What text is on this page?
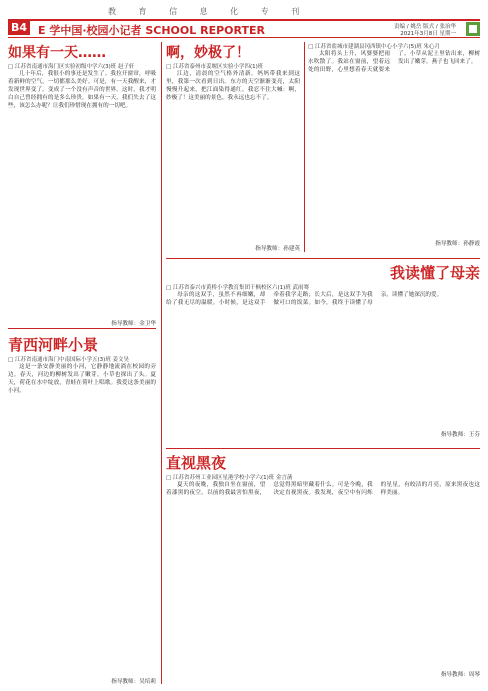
教 育 信 息 化 专 刊
B4 E 学中国·校园小记者 SCHOOL REPORTER	责编 / 姚岳 版式 / 张治华
2021年3月8日 星期一
如果有一天……
□ 江苏省南通市海门区实验初级中学六(3)班 赵子轩

几十年后，我很小的事还是发生了。我拉开窗帘，呼吸着新鲜的空气，一切都那么美好。可是，有一天我醒来，才发现世界变了，变成了一个没有声音的世界。这时，我才明白自己曾经拥有的是多么珍贵。如果有一天，我们失去了这些，该怎么办呢？让我们珍惜现在拥有的一切吧。

指导教师：金卫华
青西河畔小景
□ 江苏省南通市海门中南国际小学五(3)班 姜文昊

这是一条安静美丽的小河，它静静地流淌在校园的旁边。春天，河边的柳树发出了嫩芽，小草也探出了头。夏天，荷花在水中绽放，青蛙在荷叶上唱歌。我爱这条美丽的小河。

指导教师：吴培莉
啊，妙极了！
□ 江苏省泰州市姜堰区实验小学四(1)班

江边，清晨的空气格外清新。妈妈带我来到这里，我第一次看到日出。东方的天空渐渐变亮，太阳慢慢升起来，把江面染得通红。我忍不住大喊：啊，妙极了！这美丽的景色，我永远也忘不了。

指导教师：孙建英
□ 江苏省盐城市建湖县冈西镇中心小学六(5)班 朱心月

太阳将头上升，风婆婆把雨水吹散了。我站在窗前，望着远处的田野，心里想着春天就要来了。小草从泥土里钻出来，柳树发出了嫩芽，燕子也飞回来了。

指导教师：孙静霞
我读懂了母亲
□ 江苏省泰兴市黄桥小学教育集团千枫校区六(1)班 武雨骞

母亲的这双手，虽然不再细嫩，却给了我无尽的温暖。小时候，是这双手牵着我学走路；长大后，是这双手为我做可口的饭菜。如今，我终于读懂了母亲，读懂了她深沉的爱。

指导教师：王芬
直视黑夜
□ 江苏省苏州工业园区星港学校小学六(1)班 金言菡

夏天的夜晚，我独自坐在窗前，望着漆黑的夜空。以前的我最害怕黑夜，总觉得黑暗里藏着什么。可是今晚，我决定直视黑夜。我发现，夜空中有闪烁的星星，有皎洁的月亮，原来黑夜也这样美丽。

指导教师：周琴
